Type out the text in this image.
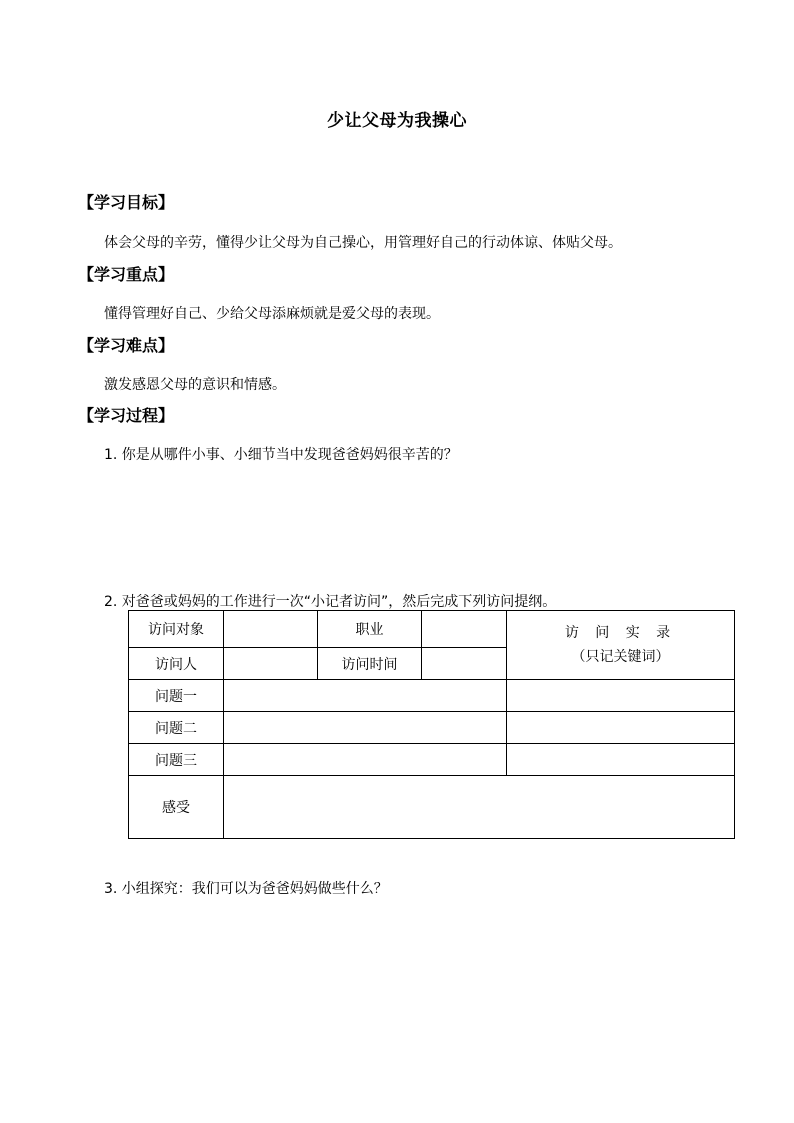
少让父母为我操心
【学习目标】
体会父母的辛劳，懂得少让父母为自己操心，用管理好自己的行动体谅、体贴父母。
【学习重点】
懂得管理好自己、少给父母添麻烦就是爱父母的表现。
【学习难点】
激发感恩父母的意识和情感。
【学习过程】
1. 你是从哪件小事、小细节当中发现爸爸妈妈很辛苦的？
2. 对爸爸或妈妈的工作进行一次“小记者访问”，然后完成下列访问提纲。
访问对象		职业		访 问 实 录
（只记关键词）

访问人		访问时间		
问题一				
问题二				
问题三				
感受				
3. 小组探究：我们可以为爸爸妈妈做些什么？
